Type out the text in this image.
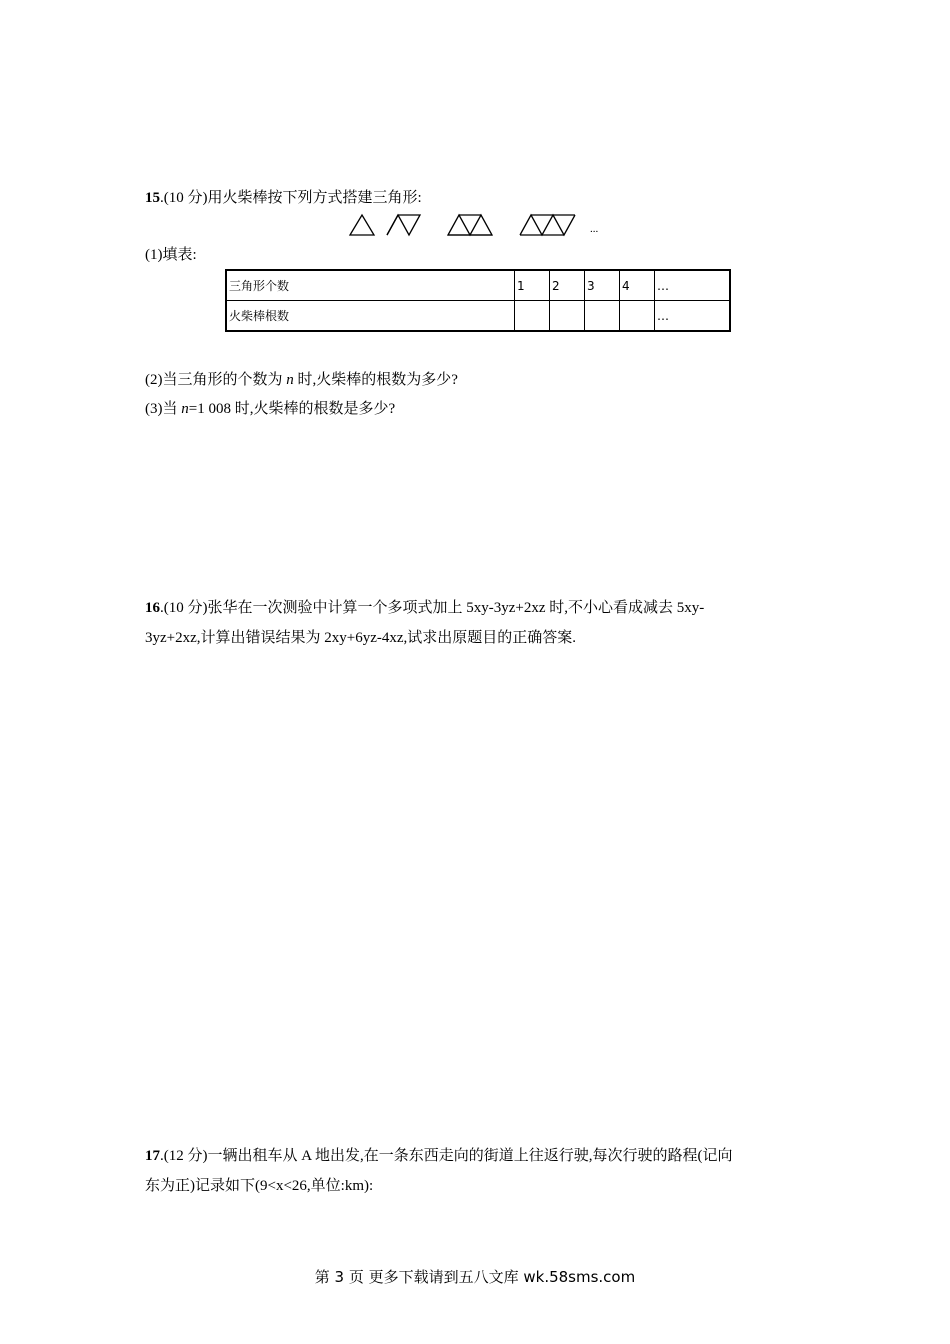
15.(10 分)用火柴棒按下列方式搭建三角形:
...
(1)填表:
三角形个数	1	2	3	4	…
火柴棒根数					…
(2)当三角形的个数为 n 时,火柴棒的根数为多少?
(3)当 n=1 008 时,火柴棒的根数是多少?
16.(10 分)张华在一次测验中计算一个多项式加上 5xy-3yz+2xz 时,不小心看成减去 5xy-
3yz+2xz,计算出错误结果为 2xy+6yz-4xz,试求出原题目的正确答案.
17.(12 分)一辆出租车从 A 地出发,在一条东西走向的街道上往返行驶,每次行驶的路程(记向
东为正)记录如下(9<x<26,单位:km):
第 3 页 更多下载请到五八文库 wk.58sms.com
